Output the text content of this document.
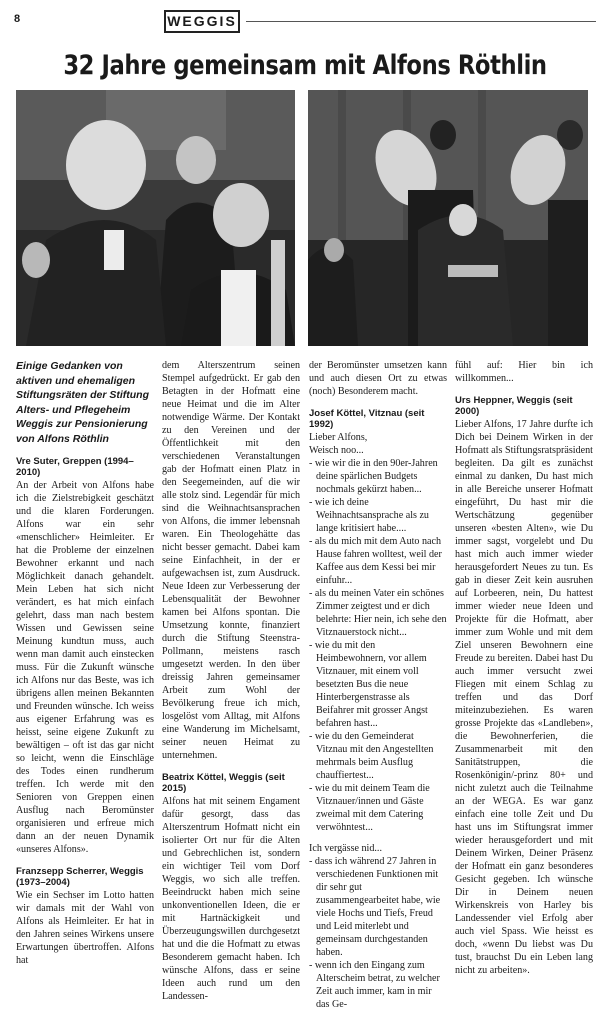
8	WEGGIS
32 Jahre gemeinsam mit Alfons Röthlin

Einige Gedanken von aktiven und ehemaligen Stiftungsräten der Stiftung Alters- und Pflegeheim Weggis zur Pensionierung von Alfons Röthlin

Vre Suter, Greppen (1994–2010)

An der Arbeit von Alfons habe ich die Zielstrebigkeit geschätzt und die klaren Forderungen. Alfons war ein sehr «menschlicher» Heimleiter. Er hat die Probleme der einzelnen Bewohner erkannt und nach Möglichkeit danach gehandelt. Mein Leben hat sich nicht verändert, es hat mich einfach gelehrt, dass man nach bestem Wissen und Gewissen seine Meinung kundtun muss, auch wenn man damit auch einstecken muss. Für die Zukunft wünsche ich Alfons nur das Beste, was ich übrigens allen meinen Bekannten und Freunden wünsche. Ich weiss aus eigener Erfahrung was es heisst, seine eigene Zukunft zu bewältigen – oft ist das gar nicht so leicht, wenn die Einschläge des Todes einen rundherum treffen. Ich werde mit den Senioren von Greppen einen Ausflug nach Beromünster organisieren und erfreue mich dann an der neuen Dynamik «unseres Alfons».

Franzsepp Scherrer, Weggis (1973–2004)

Wie ein Sechser im Lotto hatten wir damals mit der Wahl von Alfons als Heimleiter. Er hat in den Jahren seines Wirkens unsere Erwartungen übertroffen. Alfons hat

dem Alterszentrum seinen Stempel aufgedrückt. Er gab den Betagten in der Hofmatt eine neue Heimat und die im Alter notwendige Wärme. Der Kontakt zu den Vereinen und der Öffentlichkeit mit den verschiedenen Veranstaltungen gab der Hofmatt einen Platz in den Seegemeinden, auf die wir alle stolz sind. Legendär für mich sind die Weihnachtsansprachen von Alfons, die immer lebensnah waren. Ein Theologehätte das nicht besser gemacht. Dabei kam seine Einfachheit, in der er aufgewachsen ist, zum Ausdruck. Neue Ideen zur Verbesserung der Lebensqualität der Bewohner kamen bei Alfons spontan. Die Umsetzung konnte, finanziert durch die Stiftung Steenstra-Pollmann, meistens rasch umgesetzt werden. In den über dreissig Jahren gemeinsamer Arbeit zum Wohl der Bevölkerung freue ich mich, losgelöst vom Alltag, mit Alfons eine Wanderung im Michelsamt, seiner neuen Heimat zu unternehmen.

Beatrix Köttel, Weggis (seit 2015)

Alfons hat mit seinem Engament dafür gesorgt, dass das Alterszentrum Hofmatt nicht ein isolierter Ort nur für die Alten und Gebrechlichen ist, sondern ein wichtiger Teil vom Dorf Weggis, wo sich alle treffen. Beeindruckt haben mich seine unkonventionellen Ideen, die er mit Hartnäckigkeit und Überzeugungswillen durchgesetzt hat und die die Hofmatt zu etwas Besonderem gemacht haben. Ich wünsche Alfons, dass er seine Ideen auch rund um den Landessen-

der Beromünster umsetzen kann und auch diesen Ort zu etwas (noch) Besonderem macht.

Josef Köttel, Vitznau (seit 1992)

Lieber Alfons,
Weisch noo...

- wie wir die in den 90er-Jahren deine spärlichen Budgets nochmals gekürzt haben...
- wie ich deine Weihnachtsansprache als zu lange kritisiert habe....
- als du mich mit dem Auto nach Hause fahren wolltest, weil der Kaffee aus dem Kessi bei mir einfuhr...
- als du meinen Vater ein schönes Zimmer zeigtest und er dich belehrte: Hier nein, ich sehe den Vitznauerstock nicht...
- wie du mit den Heimbewohnern, vor allem Vitznauer, mit einem voll besetzten Bus die neue Hinterbergenstrasse als Beifahrer mit grosser Angst befahren hast...
- wie du den Gemeinderat Vitznau mit den Angestellten mehrmals beim Ausflug chauffiertest...
- wie du mit deinem Team die Vitznauer/innen und Gäste zweimal mit dem Catering verwöhntest...

Ich vergässe nid...

- dass ich während 27 Jahren in verschiedenen Funktionen mit dir sehr gut zusammengearbeitet habe, wie viele Hochs und Tiefs, Freud und Leid miterlebt und gemeinsam durchgestanden haben.
- wenn ich den Eingang zum Alterscheim betrat, zu welcher Zeit auch immer, kam in mir das Ge-

fühl auf: Hier bin ich willkommen...

Urs Heppner, Weggis (seit 2000)

Lieber Alfons, 17 Jahre durfte ich Dich bei Deinem Wirken in der Hofmatt als Stiftungsratspräsident begleiten. Da gilt es zunächst einmal zu danken, Du hast mich in alle Bereiche unserer Hofmatt eingeführt, Du hast mir die Wertschätzung gegenüber unseren «besten Alten», wie Du immer sagst, vorgelebt und Du hast mich auch immer wieder herausgefordert Neues zu tun. Es gab in dieser Zeit kein ausruhen auf Lorbeeren, nein, Du hattest immer wieder neue Ideen und Projekte für die Hofmatt, aber immer zum Wohle und mit dem Ziel unseren Bewohnern eine Freude zu bereiten. Dabei hast Du auch immer versucht zwei Fliegen mit einem Schlag zu treffen und das Dorf miteinzubeziehen. Es waren grosse Projekte das «Landleben», die Bewohnerferien, die Zusammenarbeit mit den Sanitätstruppen, die Rosenkönigin/-prinz 80+ und nicht zuletzt auch die Teilnahme an der WEGA. Es war ganz einfach eine tolle Zeit und Du hast uns im Stiftungsrat immer wieder herausgefordert und mit Deinem Wirken, Deiner Präsenz der Hofmatt ein ganz besonderes Gesicht gegeben. Ich wünsche Dir in Deinem neuen Wirkenskreis von Harley bis Landessender viel Erfolg aber auch viel Spass. Wie heisst es doch, «wenn Du liebst was Du tust, brauchst Du ein Leben lang nicht zu arbeiten».
